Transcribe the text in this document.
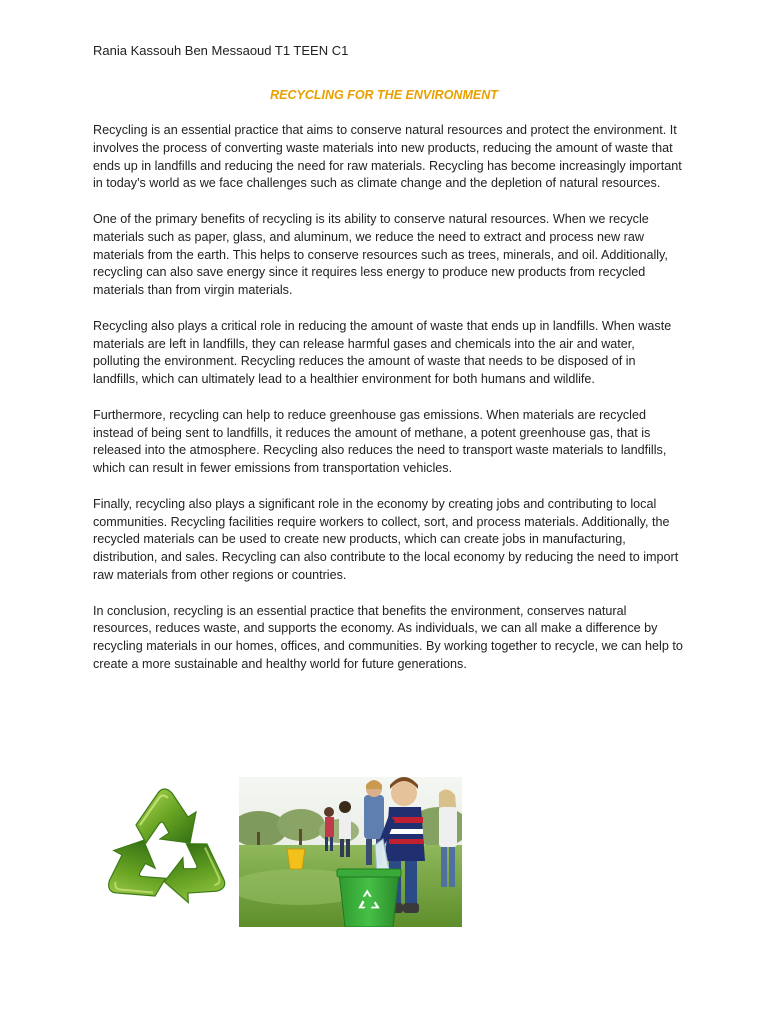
Rania Kassouh Ben Messaoud T1 TEEN C1
RECYCLING FOR THE ENVIRONMENT

Recycling is an essential practice that aims to conserve natural resources and protect the environment. It involves the process of converting waste materials into new products, reducing the amount of waste that ends up in landfills and reducing the need for raw materials. Recycling has become increasingly important in today's world as we face challenges such as climate change and the depletion of natural resources.

One of the primary benefits of recycling is its ability to conserve natural resources. When we recycle materials such as paper, glass, and aluminum, we reduce the need to extract and process new raw materials from the earth. This helps to conserve resources such as trees, minerals, and oil. Additionally, recycling can also save energy since it requires less energy to produce new products from recycled materials than from virgin materials.

Recycling also plays a critical role in reducing the amount of waste that ends up in landfills. When waste materials are left in landfills, they can release harmful gases and chemicals into the air and water, polluting the environment. Recycling reduces the amount of waste that needs to be disposed of in landfills, which can ultimately lead to a healthier environment for both humans and wildlife.

Furthermore, recycling can help to reduce greenhouse gas emissions. When materials are recycled instead of being sent to landfills, it reduces the amount of methane, a potent greenhouse gas, that is released into the atmosphere. Recycling also reduces the need to transport waste materials to landfills, which can result in fewer emissions from transportation vehicles.

Finally, recycling also plays a significant role in the economy by creating jobs and contributing to local communities. Recycling facilities require workers to collect, sort, and process materials. Additionally, the recycled materials can be used to create new products, which can create jobs in manufacturing, distribution, and sales. Recycling can also contribute to the local economy by reducing the need to import raw materials from other regions or countries.

In conclusion, recycling is an essential practice that benefits the environment, conserves natural resources, reduces waste, and supports the economy. As individuals, we can all make a difference by recycling materials in our homes, offices, and communities. By working together to recycle, we can help to create a more sustainable and healthy world for future generations.
